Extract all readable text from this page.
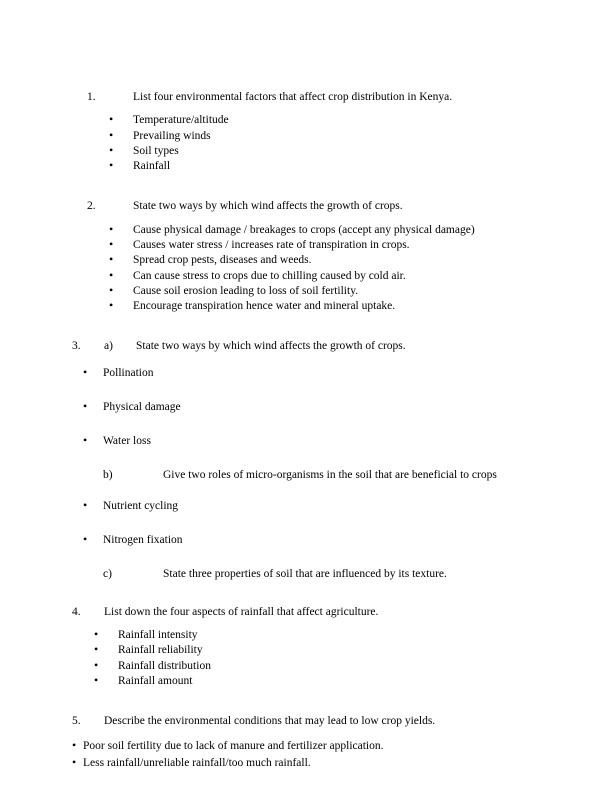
1.	List four environmental factors that affect crop distribution in Kenya.
• Temperature/altitude
• Prevailing winds
• Soil types
• Rainfall
2.	State two ways by which wind affects the growth of crops.
• Cause physical damage / breakages to crops (accept any physical damage)
• Causes water stress / increases rate of transpiration in crops.
• Spread crop pests, diseases and weeds.
• Can cause stress to crops due to chilling caused by cold air.
• Cause soil erosion leading to loss of soil fertility.
• Encourage transpiration hence water and mineral uptake.
3.	a)	State two ways by which wind affects the growth of crops.
• Pollination
• Physical damage
• Water loss
b)	Give two roles of micro-organisms in the soil that are beneficial to crops
• Nutrient cycling
• Nitrogen fixation
c)	State three properties of soil that are influenced by its texture.
4.	List down the four aspects of rainfall that affect agriculture.
• Rainfall intensity
• Rainfall reliability
• Rainfall distribution
• Rainfall amount
5.	Describe the environmental conditions that may lead to low crop yields.
• Poor soil fertility due to lack of manure and fertilizer application.
• Less rainfall/unreliable rainfall/too much rainfall.
